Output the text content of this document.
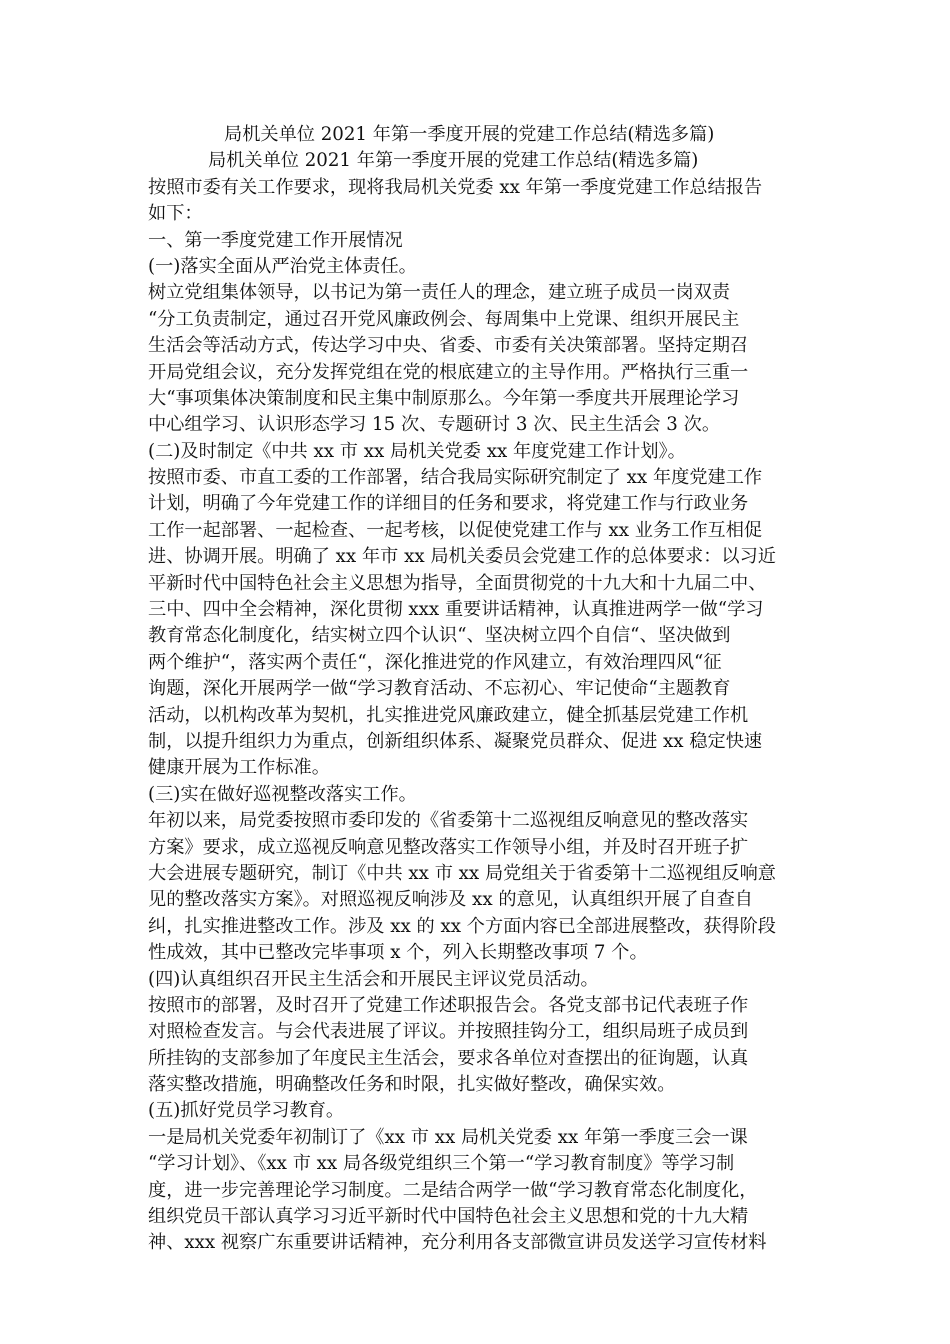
局机关单位 2021 年第一季度开展的党建工作总结(精选多篇)
局机关单位 2021 年第一季度开展的党建工作总结(精选多篇)
按照市委有关工作要求，现将我局机关党委 xx 年第一季度党建工作总结报告
如下：
一、第一季度党建工作开展情况
(一)落实全面从严治党主体责任。
树立党组集体领导，以书记为第一责任人的理念，建立班子成员一岗双责
“分工负责制定，通过召开党风廉政例会、每周集中上党课、组织开展民主
生活会等活动方式，传达学习中央、省委、市委有关决策部署。坚持定期召
开局党组会议，充分发挥党组在党的根底建立的主导作用。严格执行三重一
大“事项集体决策制度和民主集中制原那么。今年第一季度共开展理论学习
中心组学习、认识形态学习 15 次、专题研讨 3 次、民主生活会 3 次。
(二)及时制定《中共 xx 市 xx 局机关党委 xx 年度党建工作计划》。
按照市委、市直工委的工作部署，结合我局实际研究制定了 xx 年度党建工作
计划，明确了今年党建工作的详细目的任务和要求，将党建工作与行政业务
工作一起部署、一起检查、一起考核，以促使党建工作与 xx 业务工作互相促
进、协调开展。明确了 xx 年市 xx 局机关委员会党建工作的总体要求：以习近
平新时代中国特色社会主义思想为指导，全面贯彻党的十九大和十九届二中、
三中、四中全会精神，深化贯彻 xxx 重要讲话精神，认真推进两学一做“学习
教育常态化制度化，结实树立四个认识“、坚决树立四个自信“、坚决做到
两个维护“，落实两个责任“，深化推进党的作风建立，有效治理四风“征
询题，深化开展两学一做“学习教育活动、不忘初心、牢记使命“主题教育
活动，以机构改革为契机，扎实推进党风廉政建立，健全抓基层党建工作机
制，以提升组织力为重点，创新组织体系、凝聚党员群众、促进 xx 稳定快速
健康开展为工作标准。
(三)实在做好巡视整改落实工作。
年初以来，局党委按照市委印发的《省委第十二巡视组反响意见的整改落实
方案》要求，成立巡视反响意见整改落实工作领导小组，并及时召开班子扩
大会进展专题研究，制订《中共 xx 市 xx 局党组关于省委第十二巡视组反响意
见的整改落实方案》。对照巡视反响涉及 xx 的意见，认真组织开展了自查自
纠，扎实推进整改工作。涉及 xx 的 xx 个方面内容已全部进展整改，获得阶段
性成效，其中已整改完毕事项 x 个，列入长期整改事项 7 个。
(四)认真组织召开民主生活会和开展民主评议党员活动。
按照市的部署，及时召开了党建工作述职报告会。各党支部书记代表班子作
对照检查发言。与会代表进展了评议。并按照挂钩分工，组织局班子成员到
所挂钩的支部参加了年度民主生活会，要求各单位对查摆出的征询题，认真
落实整改措施，明确整改任务和时限，扎实做好整改，确保实效。
(五)抓好党员学习教育。
一是局机关党委年初制订了《xx 市 xx 局机关党委 xx 年第一季度三会一课
“学习计划》、《xx 市 xx 局各级党组织三个第一“学习教育制度》等学习制
度，进一步完善理论学习制度。二是结合两学一做“学习教育常态化制度化，
组织党员干部认真学习习近平新时代中国特色社会主义思想和党的十九大精
神、xxx 视察广东重要讲话精神，充分利用各支部微宣讲员发送学习宣传材料
